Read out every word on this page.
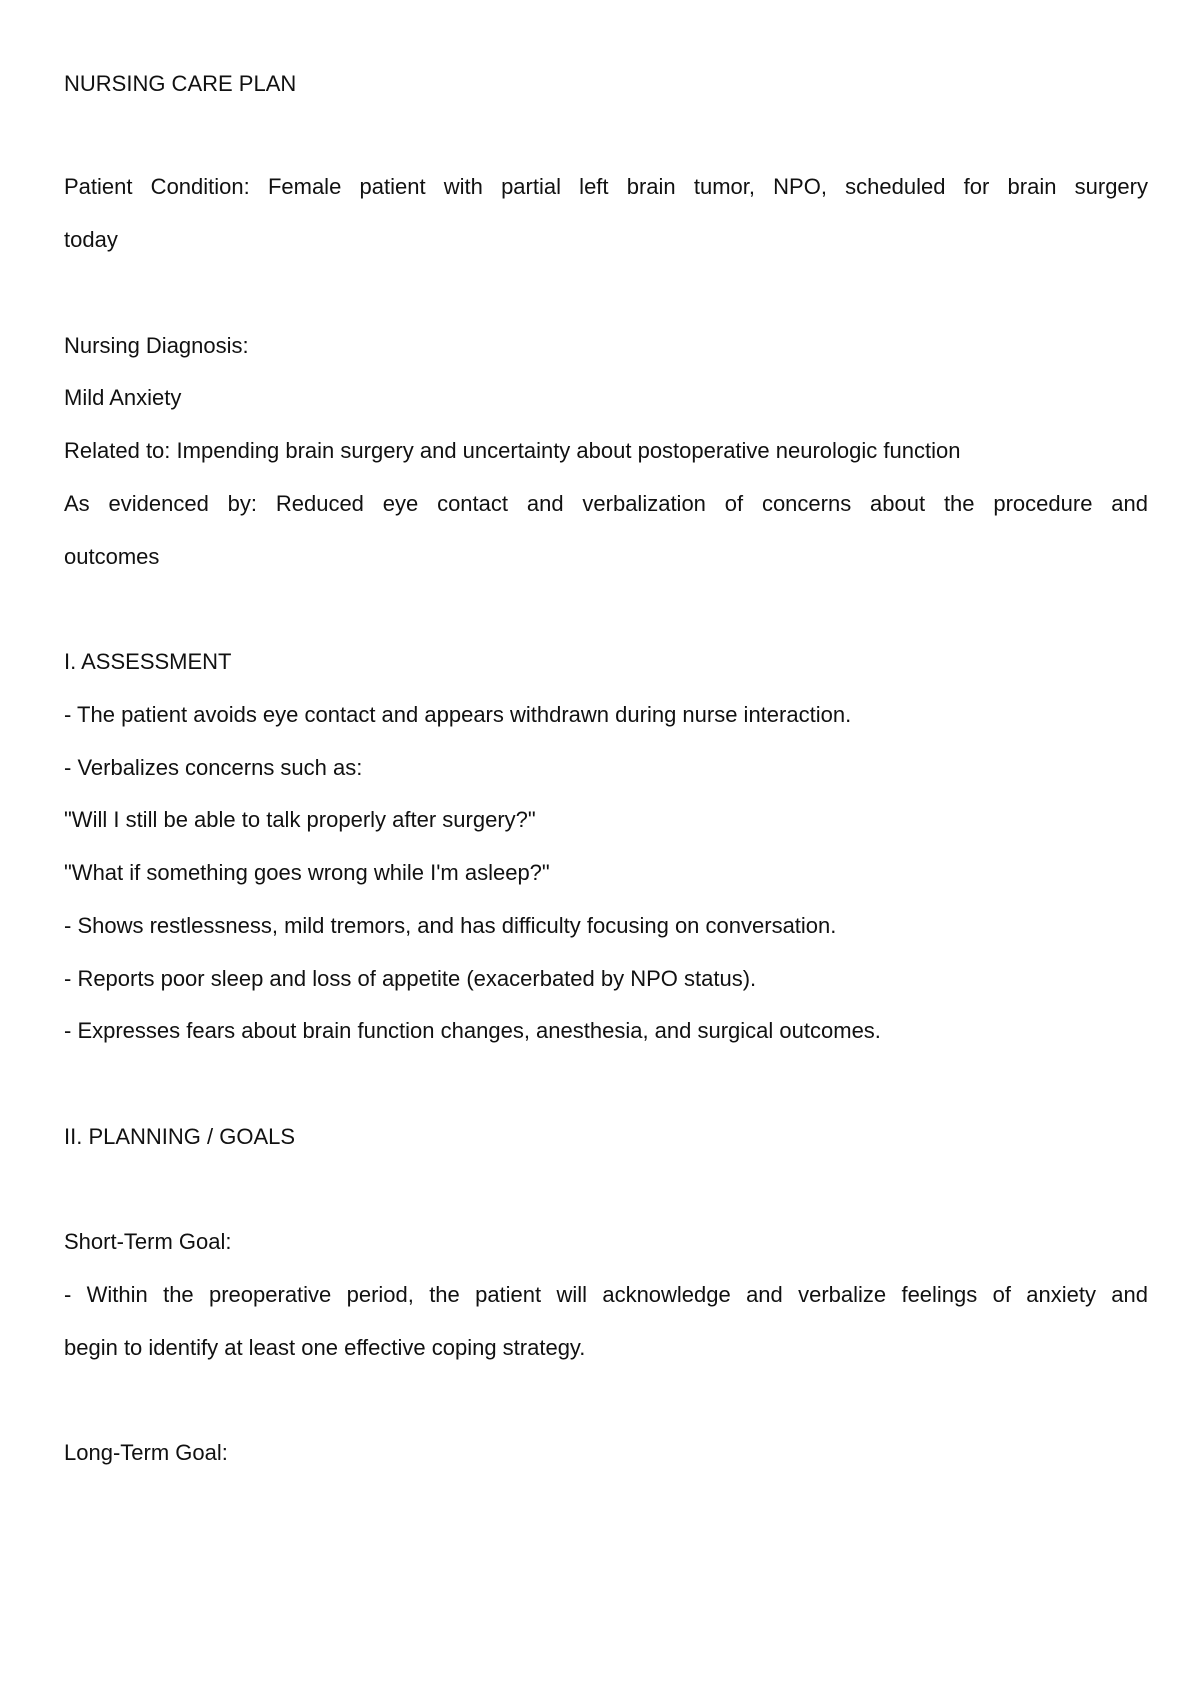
NURSING CARE PLAN
Patient Condition: Female patient with partial left brain tumor, NPO, scheduled for brain surgery
today
Nursing Diagnosis:
Mild Anxiety
Related to: Impending brain surgery and uncertainty about postoperative neurologic function
As evidenced by: Reduced eye contact and verbalization of concerns about the procedure and
outcomes
I. ASSESSMENT
- The patient avoids eye contact and appears withdrawn during nurse interaction.
- Verbalizes concerns such as:
"Will I still be able to talk properly after surgery?"
"What if something goes wrong while I'm asleep?"
- Shows restlessness, mild tremors, and has difficulty focusing on conversation.
- Reports poor sleep and loss of appetite (exacerbated by NPO status).
- Expresses fears about brain function changes, anesthesia, and surgical outcomes.
II. PLANNING / GOALS
Short-Term Goal:
- Within the preoperative period, the patient will acknowledge and verbalize feelings of anxiety and
begin to identify at least one effective coping strategy.
Long-Term Goal:
